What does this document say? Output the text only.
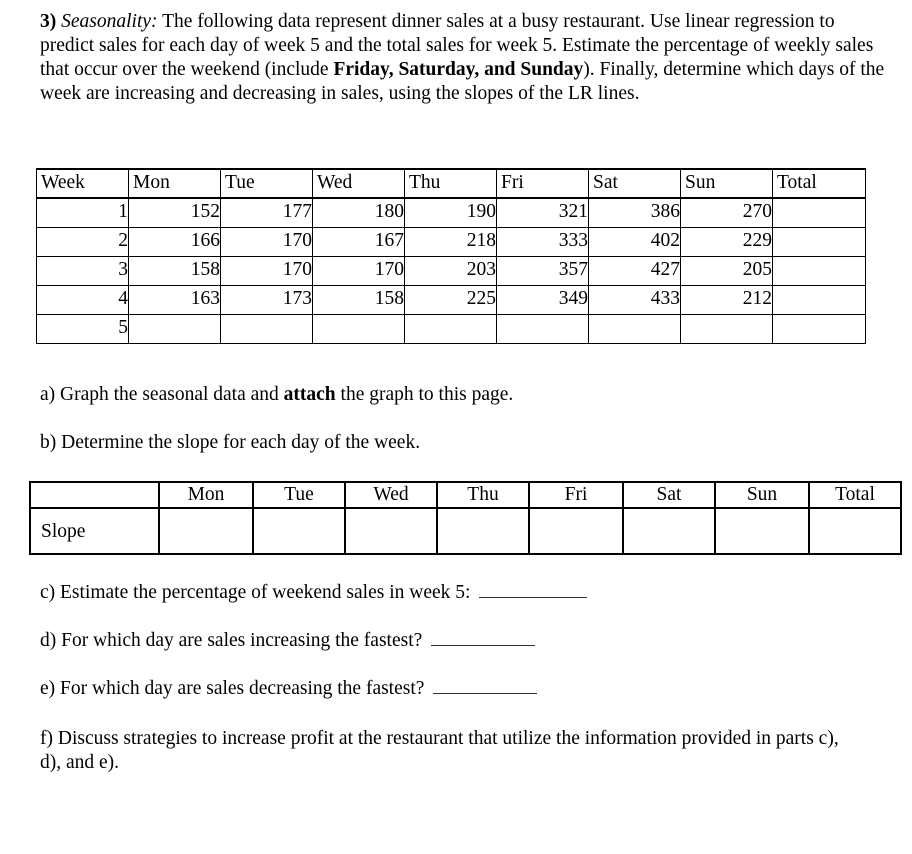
3) Seasonality: The following data represent dinner sales at a busy restaurant. Use linear regression to predict sales for each day of week 5 and the total sales for week 5. Estimate the percentage of weekly sales that occur over the weekend (include Friday, Saturday, and Sunday). Finally, determine which days of the week are increasing and decreasing in sales, using the slopes of the LR lines.

Week	Mon	Tue	Wed	Thu	Fri	Sat	Sun	Total
1	152	177	180	190	321	386	270	
2	166	170	167	218	333	402	229	
3	158	170	170	203	357	427	205	
4	163	173	158	225	349	433	212	
5								

a) Graph the seasonal data and attach the graph to this page.

b) Determine the slope for each day of the week.

	Mon	Tue	Wed	Thu	Fri	Sat	Sun	Total
Slope								

c) Estimate the percentage of weekend sales in week 5:

d) For which day are sales increasing the fastest?

e) For which day are sales decreasing the fastest?

f) Discuss strategies to increase profit at the restaurant that utilize the information provided in parts c), d), and e).
